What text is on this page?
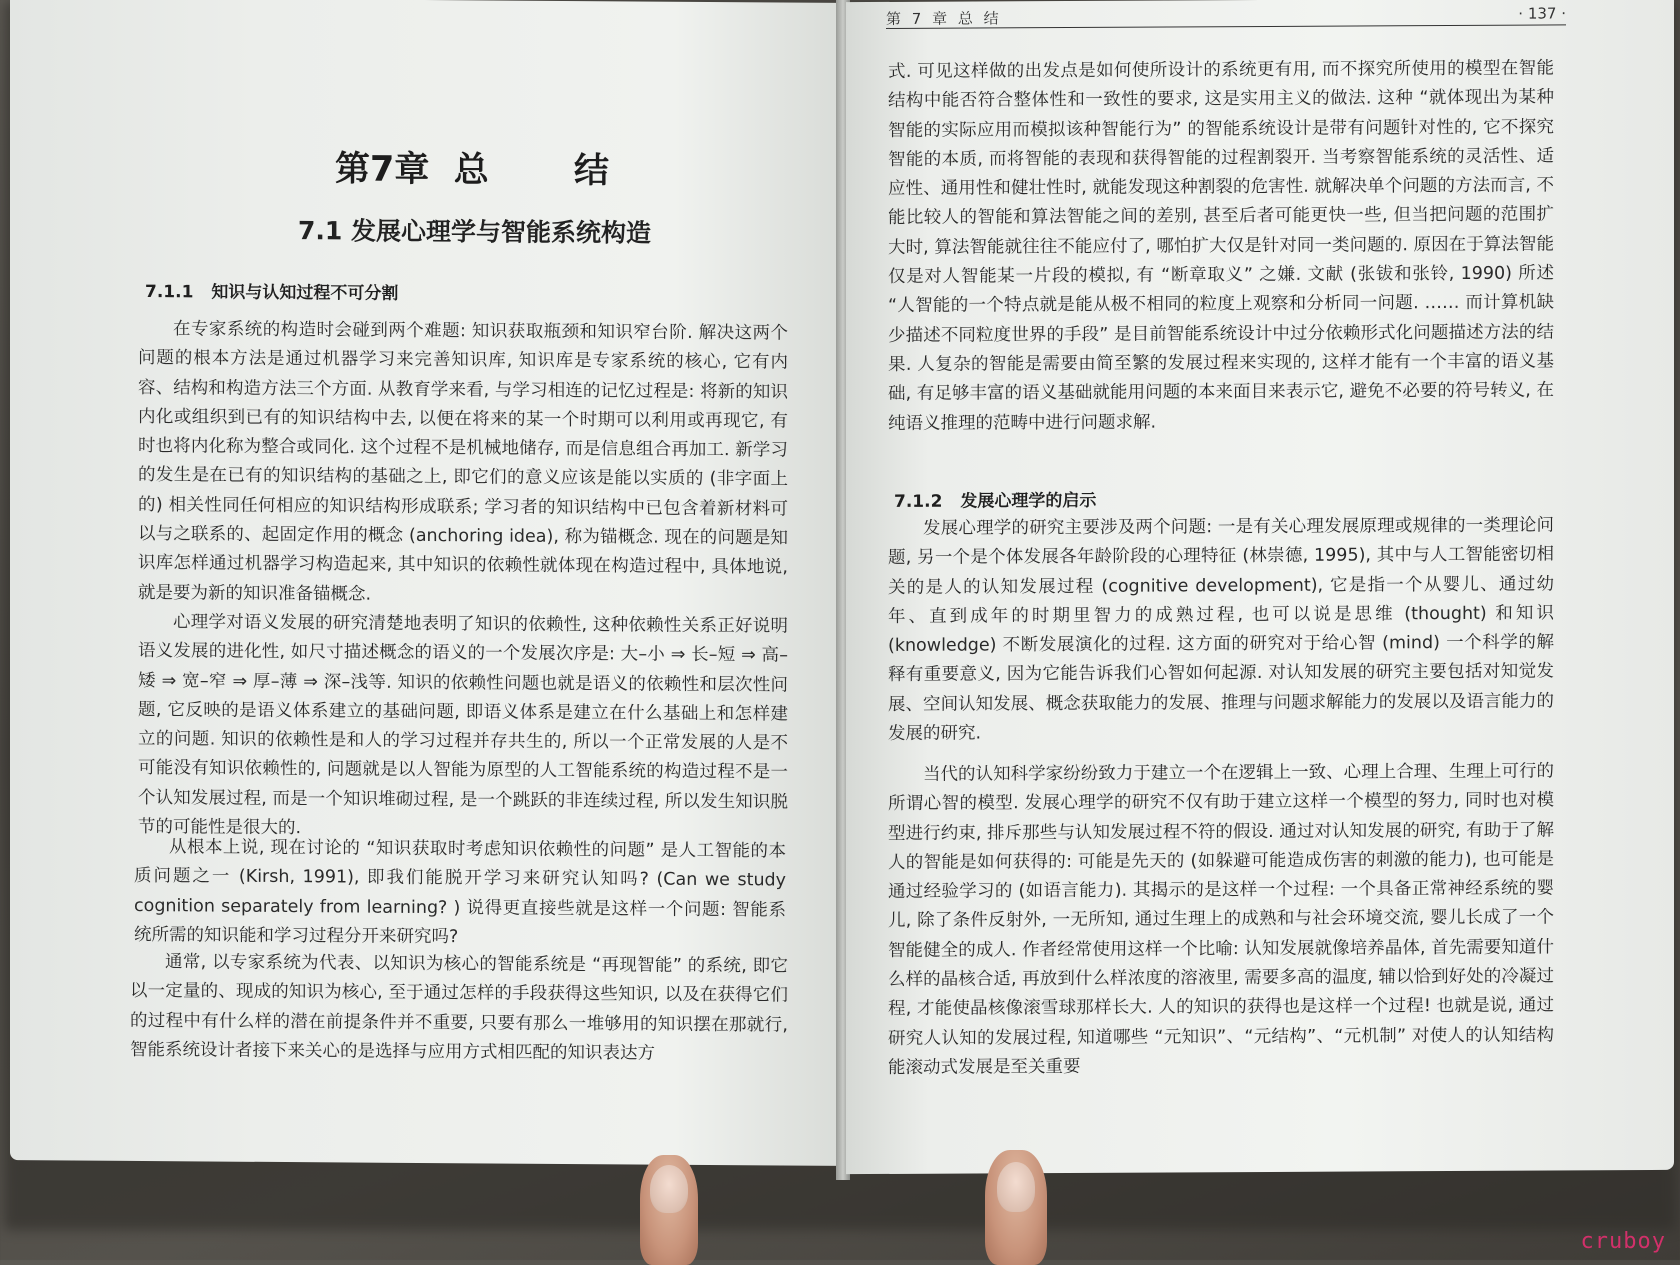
第7章  总       结
7.1 发展心理学与智能系统构造
7.1.1 知识与认知过程不可分割

在专家系统的构造时会碰到两个难题: 知识获取瓶颈和知识窄台阶. 解决这两个问题的根本方法是通过机器学习来完善知识库, 知识库是专家系统的核心, 它有内容、结构和构造方法三个方面. 从教育学来看, 与学习相连的记忆过程是: 将新的知识内化或组织到已有的知识结构中去, 以便在将来的某一个时期可以利用或再现它, 有时也将内化称为整合或同化. 这个过程不是机械地储存, 而是信息组合再加工. 新学习的发生是在已有的知识结构的基础之上, 即它们的意义应该是能以实质的 (非字面上的) 相关性同任何相应的知识结构形成联系; 学习者的知识结构中已包含着新材料可以与之联系的、起固定作用的概念 (anchoring idea), 称为锚概念. 现在的问题是知识库怎样通过机器学习构造起来, 其中知识的依赖性就体现在构造过程中, 具体地说, 就是要为新的知识准备锚概念.

心理学对语义发展的研究清楚地表明了知识的依赖性, 这种依赖性关系正好说明语义发展的进化性, 如尺寸描述概念的语义的一个发展次序是: 大–小 ⇒ 长–短 ⇒ 高–矮 ⇒ 宽–窄 ⇒ 厚–薄 ⇒ 深–浅等. 知识的依赖性问题也就是语义的依赖性和层次性问题, 它反映的是语义体系建立的基础问题, 即语义体系是建立在什么基础上和怎样建立的问题. 知识的依赖性是和人的学习过程并存共生的, 所以一个正常发展的人是不可能没有知识依赖性的, 问题就是以人智能为原型的人工智能系统的构造过程不是一个认知发展过程, 而是一个知识堆砌过程, 是一个跳跃的非连续过程, 所以发生知识脱节的可能性是很大的.

从根本上说, 现在讨论的 “知识获取时考虑知识依赖性的问题” 是人工智能的本质问题之一 (Kirsh, 1991), 即我们能脱开学习来研究认知吗? (Can we study cognition separately from learning? ) 说得更直接些就是这样一个问题: 智能系统所需的知识能和学习过程分开来研究吗?

通常, 以专家系统为代表、以知识为核心的智能系统是 “再现智能” 的系统, 即它以一定量的、现成的知识为核心, 至于通过怎样的手段获得这些知识, 以及在获得它们的过程中有什么样的潜在前提条件并不重要, 只要有那么一堆够用的知识摆在那就行, 智能系统设计者接下来关心的是选择与应用方式相匹配的知识表达方

第 7 章 总 结	· 137 ·

式. 可见这样做的出发点是如何使所设计的系统更有用, 而不探究所使用的模型在智能结构中能否符合整体性和一致性的要求, 这是实用主义的做法. 这种 “就体现出为某种智能的实际应用而模拟该种智能行为” 的智能系统设计是带有问题针对性的, 它不探究智能的本质, 而将智能的表现和获得智能的过程割裂开. 当考察智能系统的灵活性、适应性、通用性和健壮性时, 就能发现这种割裂的危害性. 就解决单个问题的方法而言, 不能比较人的智能和算法智能之间的差别, 甚至后者可能更快一些, 但当把问题的范围扩大时, 算法智能就往往不能应付了, 哪怕扩大仅是针对同一类问题的. 原因在于算法智能仅是对人智能某一片段的模拟, 有 “断章取义” 之嫌. 文献 (张钹和张铃, 1990) 所述 “人智能的一个特点就是能从极不相同的粒度上观察和分析同一问题. …… 而计算机缺少描述不同粒度世界的手段” 是目前智能系统设计中过分依赖形式化问题描述方法的结果. 人复杂的智能是需要由简至繁的发展过程来实现的, 这样才能有一个丰富的语义基础, 有足够丰富的语义基础就能用问题的本来面目来表示它, 避免不必要的符号转义, 在纯语义推理的范畴中进行问题求解.

7.1.2 发展心理学的启示

发展心理学的研究主要涉及两个问题: 一是有关心理发展原理或规律的一类理论问题, 另一个是个体发展各年龄阶段的心理特征 (林崇德, 1995), 其中与人工智能密切相关的是人的认知发展过程 (cognitive development), 它是指一个从婴儿、通过幼年、直到成年的时期里智力的成熟过程, 也可以说是思维 (thought) 和知识 (knowledge) 不断发展演化的过程. 这方面的研究对于给心智 (mind) 一个科学的解释有重要意义, 因为它能告诉我们心智如何起源. 对认知发展的研究主要包括对知觉发展、空间认知发展、概念获取能力的发展、推理与问题求解能力的发展以及语言能力的发展的研究.

当代的认知科学家纷纷致力于建立一个在逻辑上一致、心理上合理、生理上可行的所谓心智的模型. 发展心理学的研究不仅有助于建立这样一个模型的努力, 同时也对模型进行约束, 排斥那些与认知发展过程不符的假设. 通过对认知发展的研究, 有助于了解人的智能是如何获得的: 可能是先天的 (如躲避可能造成伤害的刺激的能力), 也可能是通过经验学习的 (如语言能力). 其揭示的是这样一个过程: 一个具备正常神经系统的婴儿, 除了条件反射外, 一无所知, 通过生理上的成熟和与社会环境交流, 婴儿长成了一个智能健全的成人. 作者经常使用这样一个比喻: 认知发展就像培养晶体, 首先需要知道什么样的晶核合适, 再放到什么样浓度的溶液里, 需要多高的温度, 辅以恰到好处的冷凝过程, 才能使晶核像滚雪球那样长大. 人的知识的获得也是这样一个过程! 也就是说, 通过研究人认知的发展过程, 知道哪些 “元知识”、“元结构”、“元机制” 对使人的认知结构能滚动式发展是至关重要

cruboy
